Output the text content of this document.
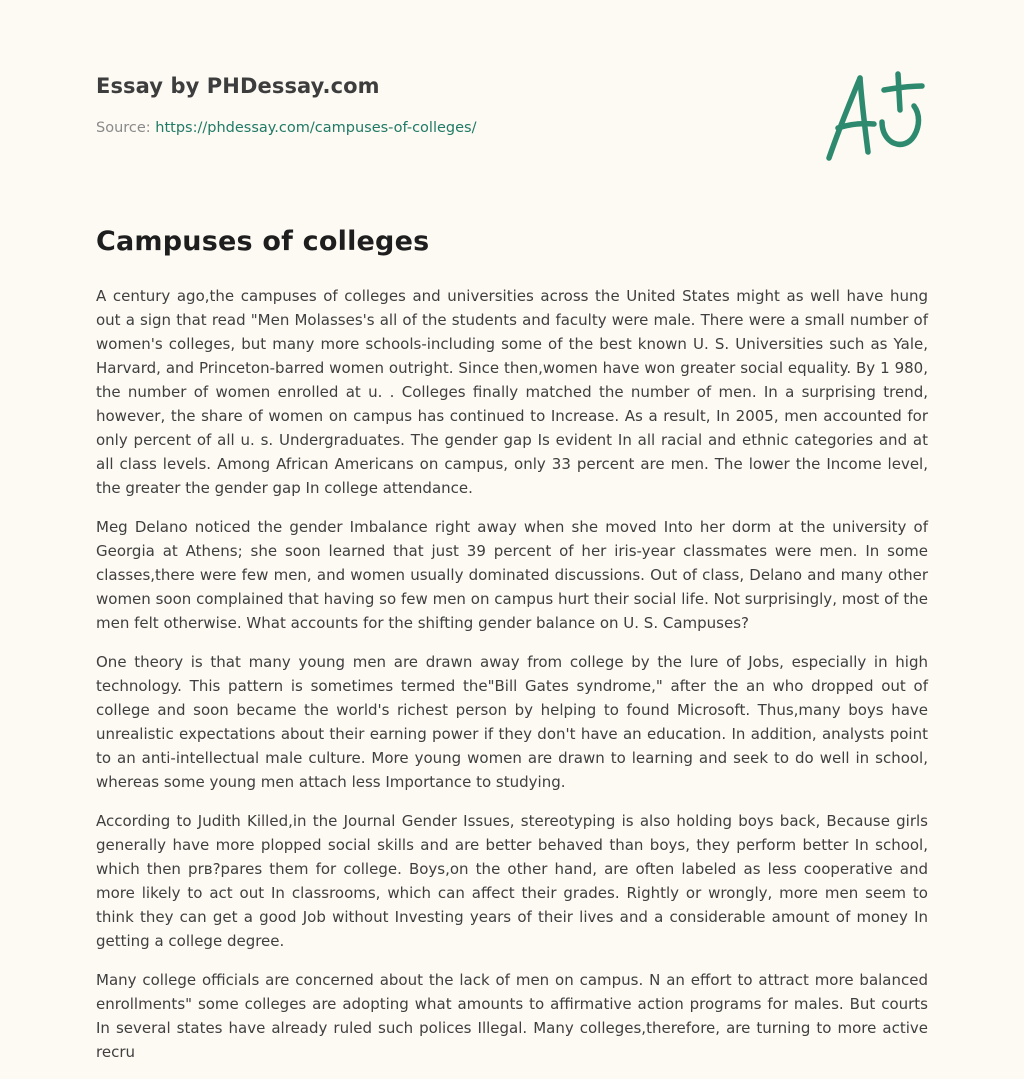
Essay by PHDessay.com
Source: https://phdessay.com/campuses-of-colleges/
Campuses of colleges

A century ago,the campuses of colleges and universities across the United States might as well have hung out a sign that read "Men Molasses's all of the students and faculty were male. There were a small number of women's colleges, but many more schools-including some of the best known U. S. Universities such as Yale, Harvard, and Princeton-barred women outright. Since then,women have won greater social equality. By 1 980, the number of women enrolled at u. . Colleges finally matched the number of men. In a surprising trend, however, the share of women on campus has continued to Increase. As a result, In 2005, men accounted for only percent of all u. s. Undergraduates. The gender gap Is evident In all racial and ethnic categories and at all class levels. Among African Americans on campus, only 33 percent are men. The lower the Income level, the greater the gender gap In college attendance.

Meg Delano noticed the gender Imbalance right away when she moved Into her dorm at the university of Georgia at Athens; she soon learned that just 39 percent of her iris-year classmates were men. In some classes,there were few men, and women usually dominated discussions. Out of class, Delano and many other women soon complained that having so few men on campus hurt their social life. Not surprisingly, most of the men felt otherwise. What accounts for the shifting gender balance on U. S. Campuses?

One theory is that many young men are drawn away from college by the lure of Jobs, especially in high technology. This pattern is sometimes termed the"Bill Gates syndrome," after the an who dropped out of college and soon became the world's richest person by helping to found Microsoft. Thus,many boys have unrealistic expectations about their earning power if they don't have an education. In addition, analysts point to an anti-intellectual male culture. More young women are drawn to learning and seek to do well in school, whereas some young men attach less Importance to studying.

According to Judith Killed,in the Journal Gender Issues, stereotyping is also holding boys back, Because girls generally have more plopped social skills and are better behaved than boys, they perform better In school, which then prв?pares them for college. Boys,on the other hand, are often labeled as less cooperative and more likely to act out In classrooms, which can affect their grades. Rightly or wrongly, more men seem to think they can get a good Job without Investing years of their lives and a considerable amount of money In getting a college degree.

Many college officials are concerned about the lack of men on campus. N an effort to attract more balanced enrollments" some colleges are adopting what amounts to affirmative action programs for males. But courts In several states have already ruled such polices Illegal. Many colleges,therefore, are turning to more active recru
